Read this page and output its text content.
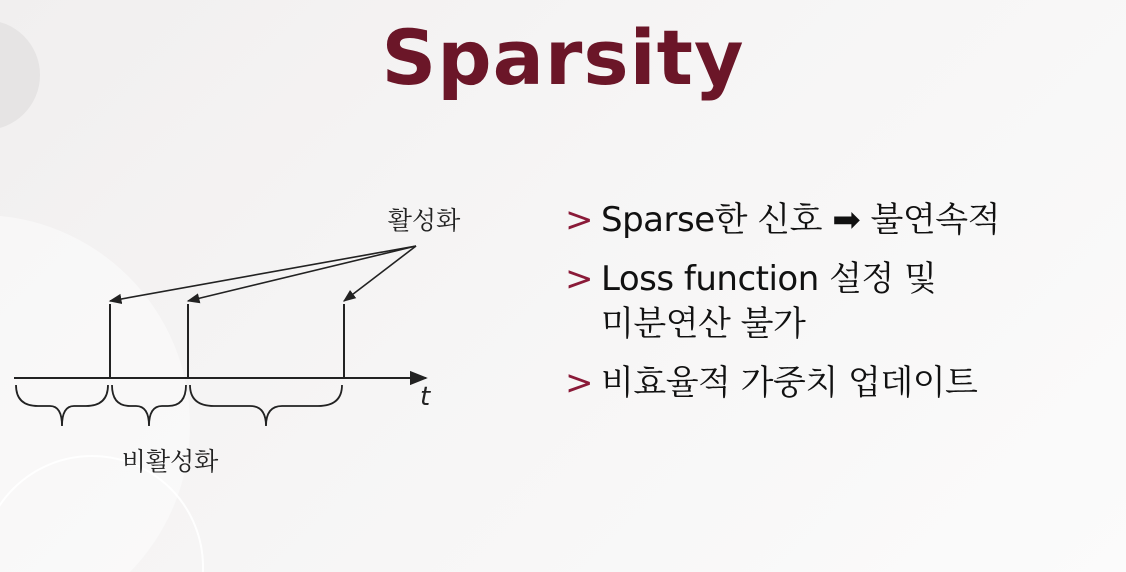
Sparsity
t
활성화
비활성화
> Sparse한 신호 ➡ 불연속적
> Loss function 설정 및
미분연산 불가
> 비효율적 가중치 업데이트
